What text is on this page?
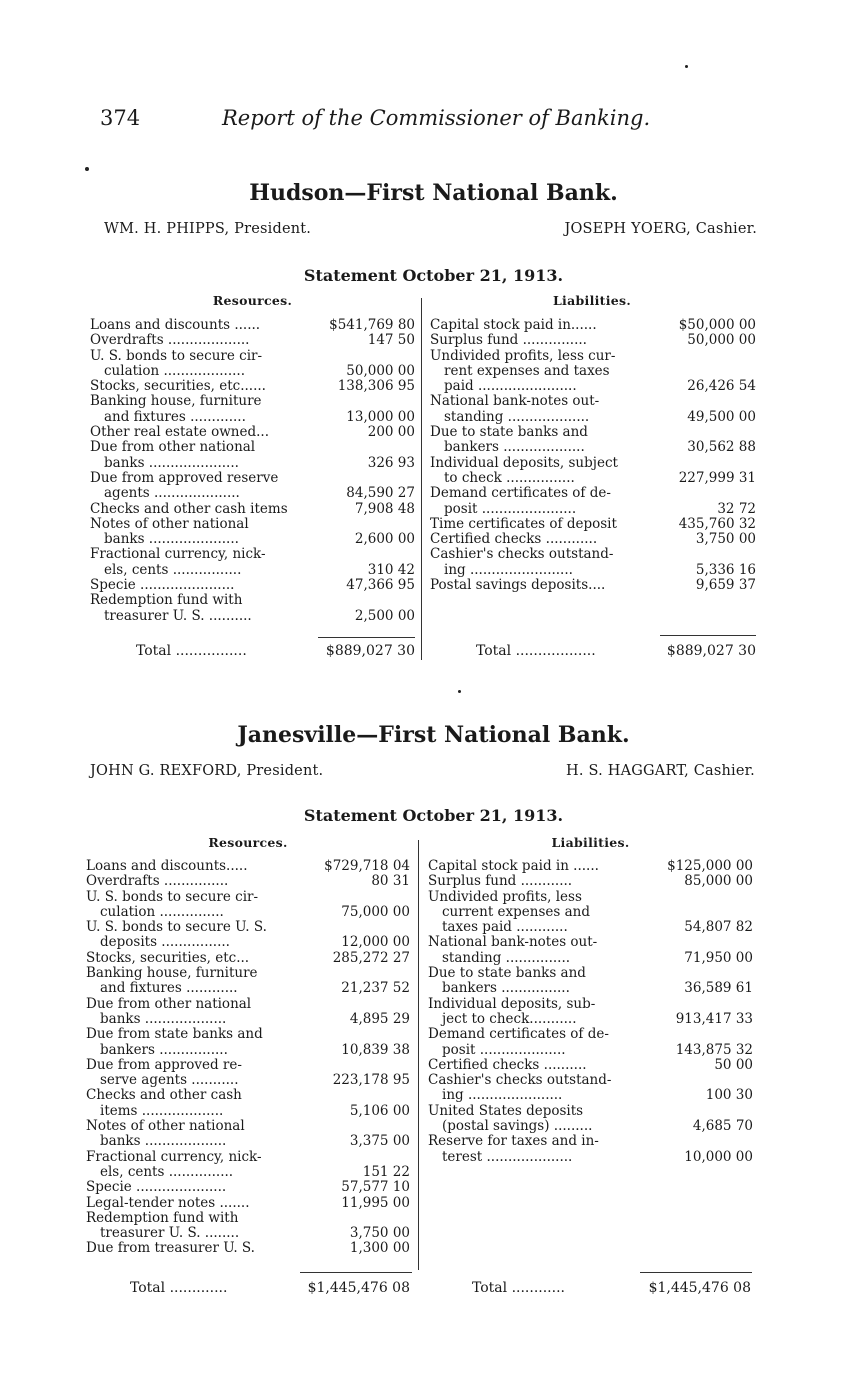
374	Report of the Commissioner of Banking.
Hudson—First National Bank.
WM. H. PHIPPS, President.	JOSEPH YOERG, Cashier.
Statement October 21, 1913.
Resources.	Liabilities.
Loans and discounts ......	$541,769 80
Overdrafts ...................	147 50
U. S. bonds to secure cir-
culation ...................	50,000 00
Stocks, securities, etc......	138,306 95
Banking house, furniture
and fixtures .............	13,000 00
Other real estate owned...	200 00
Due from other national
banks .....................	326 93
Due from approved reserve
agents ....................	84,590 27
Checks and other cash items	7,908 48
Notes of other national
banks .....................	2,600 00
Fractional currency, nick-
els, cents ................	310 42
Specie ......................	47,366 95
Redemption fund with
treasurer U. S. ..........	2,500 00
Capital stock paid in......	$50,000 00
Surplus fund ...............	50,000 00
Undivided profits, less cur-
rent expenses and taxes
paid .......................	26,426 54
National bank-notes out-
standing ...................	49,500 00
Due to state banks and
bankers ...................	30,562 88
Individual deposits, subject
to check ................	227,999 31
Demand certificates of de-
posit ......................	32 72
Time certificates of deposit	435,760 32
Certified checks ............	3,750 00
Cashier's checks outstand-
ing ........................	5,336 16
Postal savings deposits....	9,659 37
Total ................	$889,027 30	Total ..................	$889,027 30
Janesville—First National Bank.
JOHN G. REXFORD, President.	H. S. HAGGART, Cashier.
Statement October 21, 1913.
Resources.	Liabilities.
Loans and discounts.....	$729,718 04
Overdrafts ...............	80 31
U. S. bonds to secure cir-
culation ...............	75,000 00
U. S. bonds to secure U. S.
deposits ................	12,000 00
Stocks, securities, etc...	285,272 27
Banking house, furniture
and fixtures ............	21,237 52
Due from other national
banks ...................	4,895 29
Due from state banks and
bankers ................	10,839 38
Due from approved re-
serve agents ...........	223,178 95
Checks and other cash
items ...................	5,106 00
Notes of other national
banks ...................	3,375 00
Fractional currency, nick-
els, cents ...............	151 22
Specie .....................	57,577 10
Legal-tender notes .......	11,995 00
Redemption fund with
treasurer U. S. ........	3,750 00
Due from treasurer U. S.	1,300 00
Capital stock paid in ......	$125,000 00
Surplus fund ............	85,000 00
Undivided profits, less
current expenses and
taxes paid ............	54,807 82
National bank-notes out-
standing ...............	71,950 00
Due to state banks and
bankers ................	36,589 61
Individual deposits, sub-
ject to check...........	913,417 33
Demand certificates of de-
posit ....................	143,875 32
Certified checks ..........	50 00
Cashier's checks outstand-
ing ......................	100 30
United States deposits
(postal savings) .........	4,685 70
Reserve for taxes and in-
terest ....................	10,000 00
Total .............	$1,445,476 08	Total ............	$1,445,476 08
